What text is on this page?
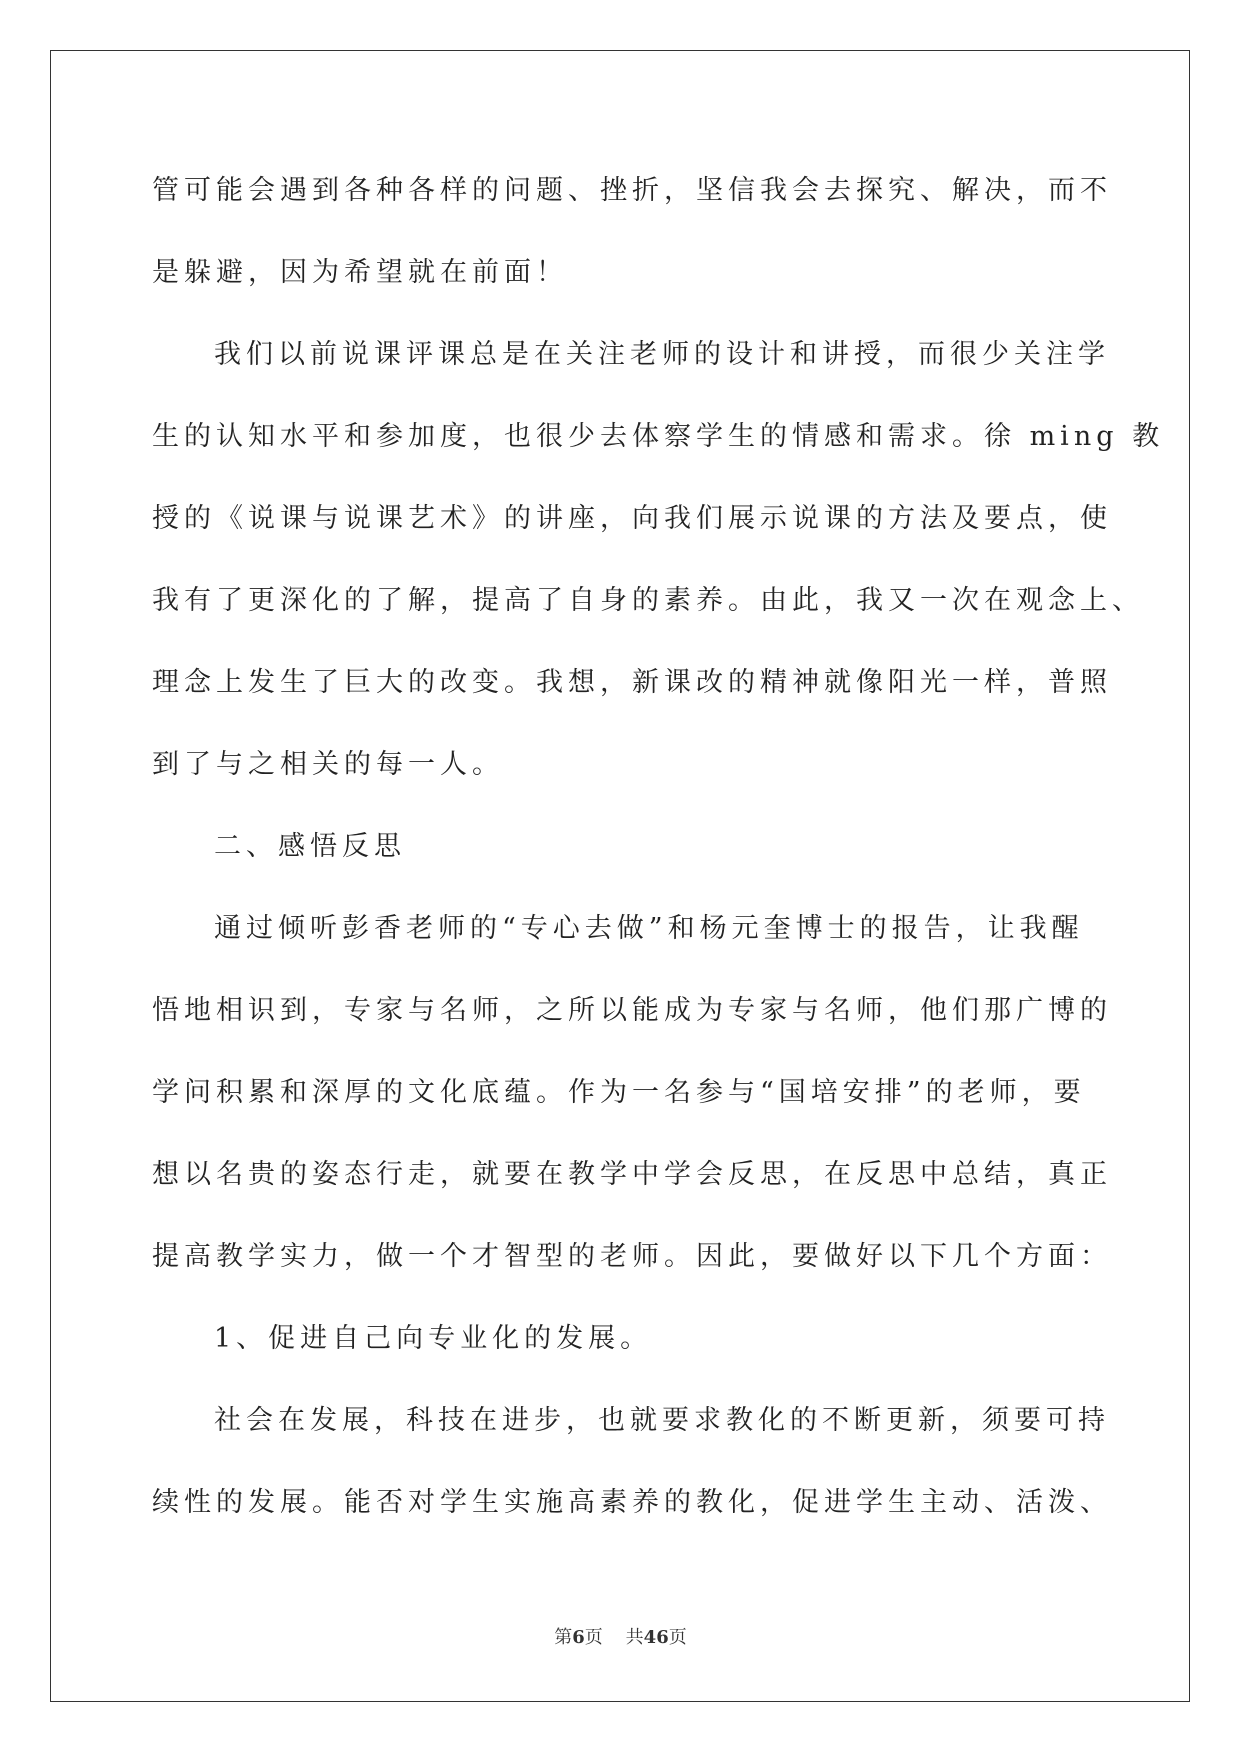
管可能会遇到各种各样的问题、挫折，坚信我会去探究、解决，而不
是躲避，因为希望就在前面！
我们以前说课评课总是在关注老师的设计和讲授，而很少关注学
生的认知水平和参加度，也很少去体察学生的情感和需求。徐 ming 教
授的《说课与说课艺术》的讲座，向我们展示说课的方法及要点，使
我有了更深化的了解，提高了自身的素养。由此，我又一次在观念上、
理念上发生了巨大的改变。我想，新课改的精神就像阳光一样，普照
到了与之相关的每一人。
二、感悟反思
通过倾听彭香老师的“专心去做”和杨元奎博士的报告，让我醒
悟地相识到，专家与名师，之所以能成为专家与名师，他们那广博的
学问积累和深厚的文化底蕴。作为一名参与“国培安排”的老师，要
想以名贵的姿态行走，就要在教学中学会反思，在反思中总结，真正
提高教学实力，做一个才智型的老师。因此，要做好以下几个方面：
1、促进自己向专业化的发展。
社会在发展，科技在进步，也就要求教化的不断更新，须要可持
续性的发展。能否对学生实施高素养的教化，促进学生主动、活泼、
第6页 共46页
